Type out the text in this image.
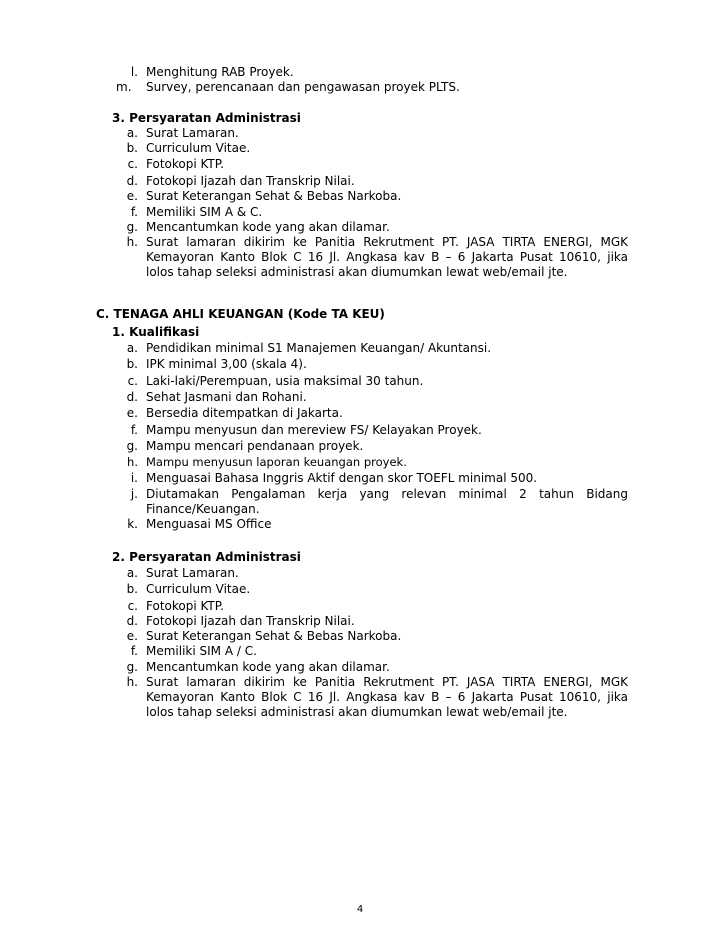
l. Menghitung RAB Proyek.
m.	Survey, perencanaan dan pengawasan proyek PLTS.
3. Persyaratan Administrasi
a. Surat Lamaran.
b. Curriculum Vitae.
c. Fotokopi KTP.
d. Fotokopi Ijazah dan Transkrip Nilai.
e. Surat Keterangan Sehat & Bebas Narkoba.
f. Memiliki SIM A & C.
g. Mencantumkan kode yang akan dilamar.
h. Surat lamaran dikirim ke Panitia Rekrutment PT. JASA TIRTA ENERGI, MGK
Kemayoran Kanto Blok C 16 Jl. Angkasa kav B – 6 Jakarta Pusat 10610, jika
lolos tahap seleksi administrasi akan diumumkan lewat web/email jte.
C. TENAGA AHLI KEUANGAN (Kode TA KEU)
1. Kualifikasi
a. Pendidikan minimal S1 Manajemen Keuangan/ Akuntansi.
b. IPK minimal 3,00 (skala 4).
c. Laki-laki/Perempuan, usia maksimal 30 tahun.
d. Sehat Jasmani dan Rohani.
e. Bersedia ditempatkan di Jakarta.
f. Mampu menyusun dan mereview FS/ Kelayakan Proyek.
g. Mampu mencari pendanaan proyek.
h. Mampu menyusun laporan keuangan proyek.
i. Menguasai Bahasa Inggris Aktif dengan skor TOEFL minimal 500.
j. Diutamakan Pengalaman kerja yang relevan minimal 2 tahun Bidang
Finance/Keuangan.
k. Menguasai MS Office
2. Persyaratan Administrasi
a. Surat Lamaran.
b. Curriculum Vitae.
c. Fotokopi KTP.
d. Fotokopi Ijazah dan Transkrip Nilai.
e. Surat Keterangan Sehat & Bebas Narkoba.
f. Memiliki SIM A / C.
g. Mencantumkan kode yang akan dilamar.
h. Surat lamaran dikirim ke Panitia Rekrutment PT. JASA TIRTA ENERGI, MGK
Kemayoran Kanto Blok C 16 Jl. Angkasa kav B – 6 Jakarta Pusat 10610, jika
lolos tahap seleksi administrasi akan diumumkan lewat web/email jte.
4
